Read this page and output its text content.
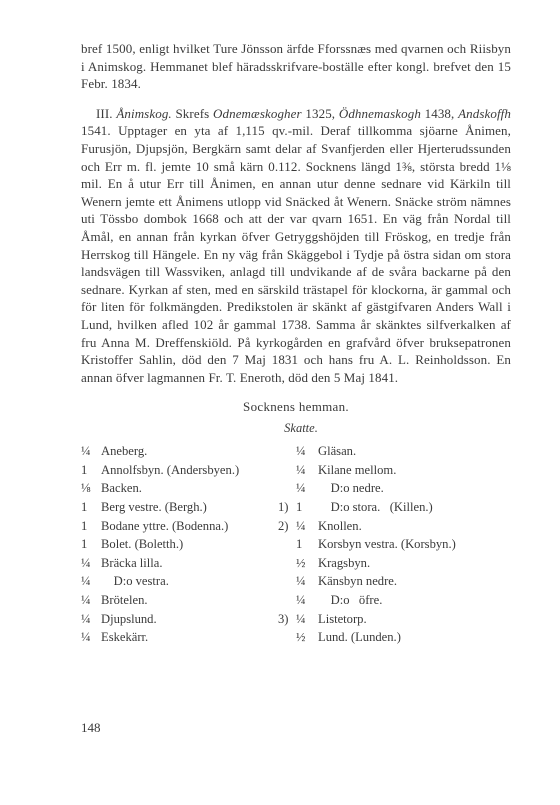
bref 1500, enligt hvilket Ture Jönsson ärfde Fforssnæs med qvarnen och Riisbyn i Animskog. Hemmanet blef häradsskrifvare-boställe efter kongl. brefvet den 15 Febr. 1834.

III. Ånimskog. Skrefs Odnemæskogher 1325, Ödhnemaskogh 1438, Andskoffh 1541. Upptager en yta af 1,115 qv.-mil. Deraf tillkomma sjöarne Ånimen, Furusjön, Djupsjön, Bergkärn samt delar af Svanfjerden eller Hjerterudssunden och Err m. fl. jemte 10 små kärn 0.112. Socknens längd 1⅜, största bredd 1⅛ mil. En å utur Err till Ånimen, en annan utur denne sednare vid Kärkiln till Wenern jemte ett Ånimens utlopp vid Snäcked åt Wenern. Snäcke ström nämnes uti Tössbo dombok 1668 och att der var qvarn 1651. En väg från Nordal till Åmål, en annan från kyrkan öfver Getryggshöjden till Fröskog, en tredje från Herrskog till Hängele. En ny väg från Skäggebol i Tydje på östra sidan om stora landsvägen till Wassviken, anlagd till undvikande af de svåra backarne på den sednare. Kyrkan af sten, med en särskild trästapel för klockorna, är gammal och för liten för folkmängden. Predikstolen är skänkt af gästgifvaren Anders Wall i Lund, hvilken afled 102 år gammal 1738. Samma år skänktes silfverkalken af fru Anna M. Dreffenskiöld. På kyrkogården en grafvård öfver bruksepatronen Kristoffer Sahlin, död den 7 Maj 1831 och hans fru A. L. Reinholdsson. En annan öfver lagmannen Fr. T. Eneroth, död den 5 Maj 1841.

Socknens hemman.
Skatte.
¼ Aneberg.
1	Annolfsbyn. (Andersbyen.)
⅛ Backen.
1	Berg vestre. (Bergh.)	1)
1	Bodane yttre. (Bodenna.)	2)
1	Bolet. (Boletth.)
¼ Bräcka lilla.
¼ D:o vestra.
¼ Brötelen.
¼ Djupslund.	3)
¼ Eskekärr.
¼ Gläsan.
¼ Kilane mellom.
¼ D:o nedre.
1	D:o stora.   (Killen.)
¼ Knollen.
1	Korsbyn vestra. (Korsbyn.)
½ Kragsbyn.
¼ Känsbyn nedre.
¼ D:o   öfre.
¼ Listetorp.
½ Lund. (Lunden.)
148
